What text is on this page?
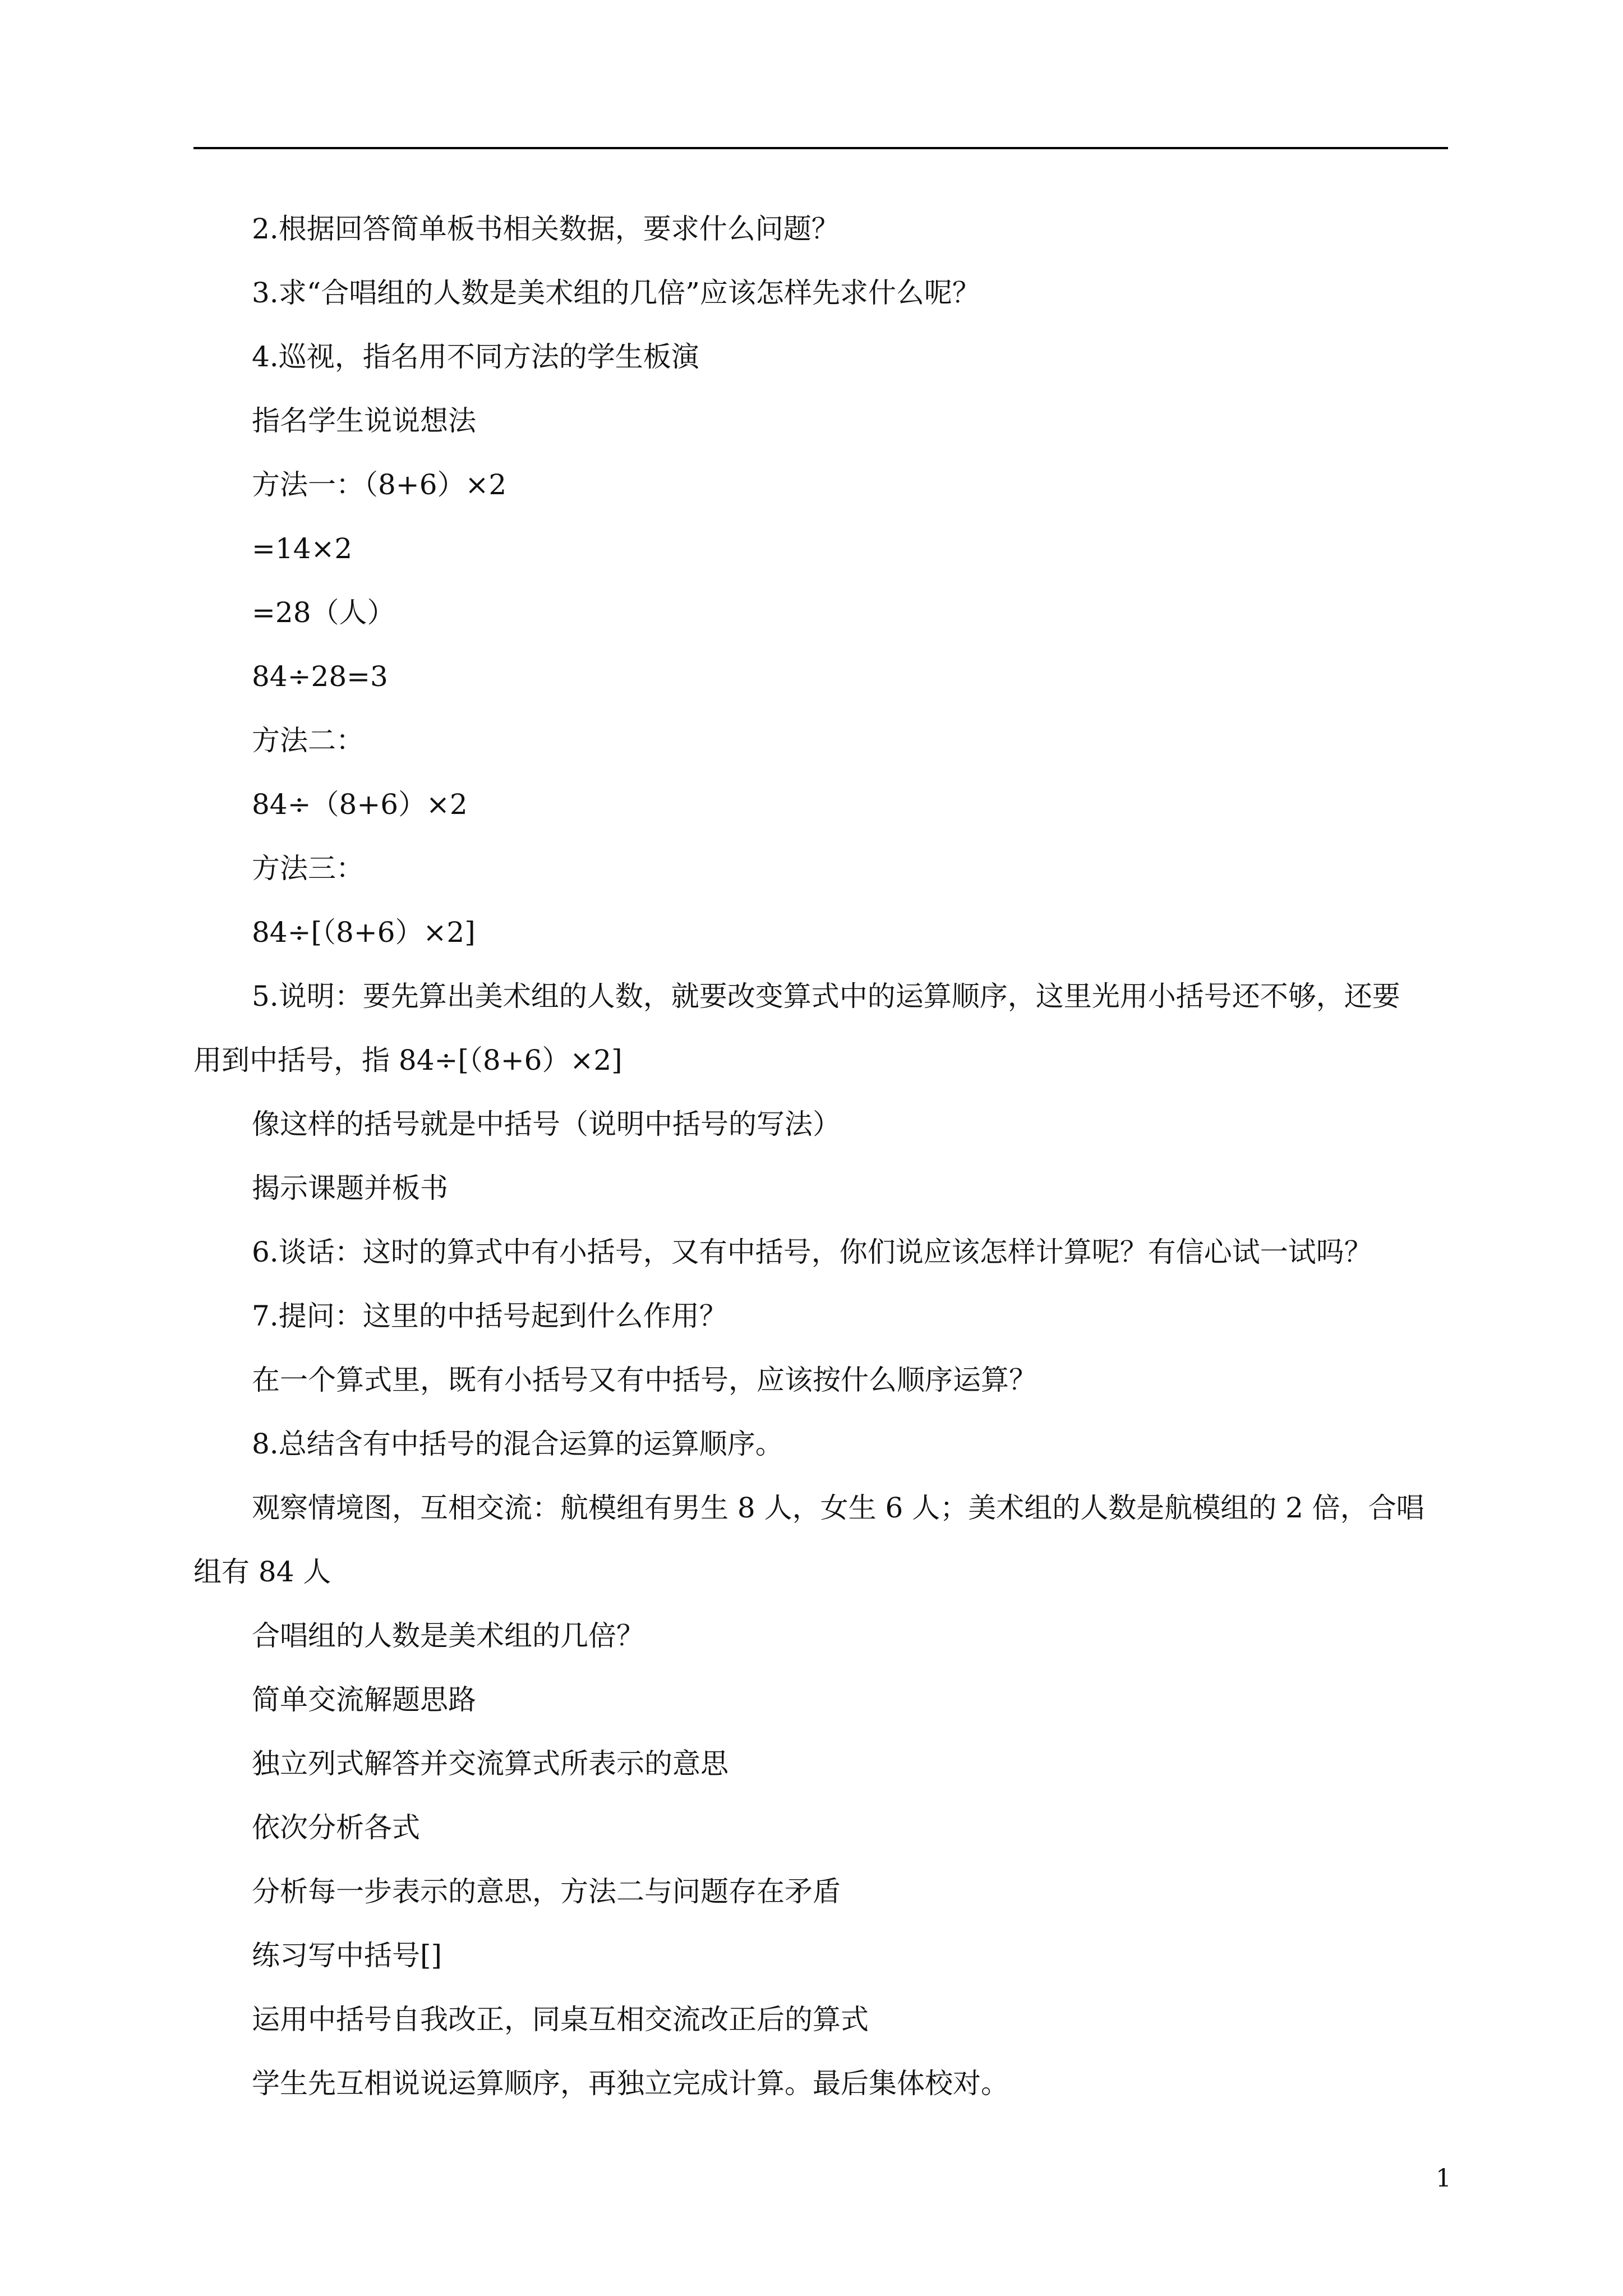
2.根据回答简单板书相关数据，要求什么问题？
3.求“合唱组的人数是美术组的几倍”应该怎样先求什么呢？
4.巡视，指名用不同方法的学生板演
指名学生说说想法
方法一：（8+6）×2
=14×2
=28（人）
84÷28=3
方法二：
84÷（8+6）×2
方法三：
84÷[（8+6）×2]
5.说明：要先算出美术组的人数，就要改变算式中的运算顺序，这里光用小括号还不够，还要
用到中括号，指 84÷[（8+6）×2]
像这样的括号就是中括号（说明中括号的写法）
揭示课题并板书
6.谈话：这时的算式中有小括号，又有中括号，你们说应该怎样计算呢？有信心试一试吗？
7.提问：这里的中括号起到什么作用？
在一个算式里，既有小括号又有中括号，应该按什么顺序运算？
8.总结含有中括号的混合运算的运算顺序。
观察情境图，互相交流：航模组有男生 8 人，女生 6 人；美术组的人数是航模组的 2 倍，合唱
组有 84 人
合唱组的人数是美术组的几倍？
简单交流解题思路
独立列式解答并交流算式所表示的意思
依次分析各式
分析每一步表示的意思，方法二与问题存在矛盾
练习写中括号[]
运用中括号自我改正，同桌互相交流改正后的算式
学生先互相说说运算顺序，再独立完成计算。最后集体校对。
1
